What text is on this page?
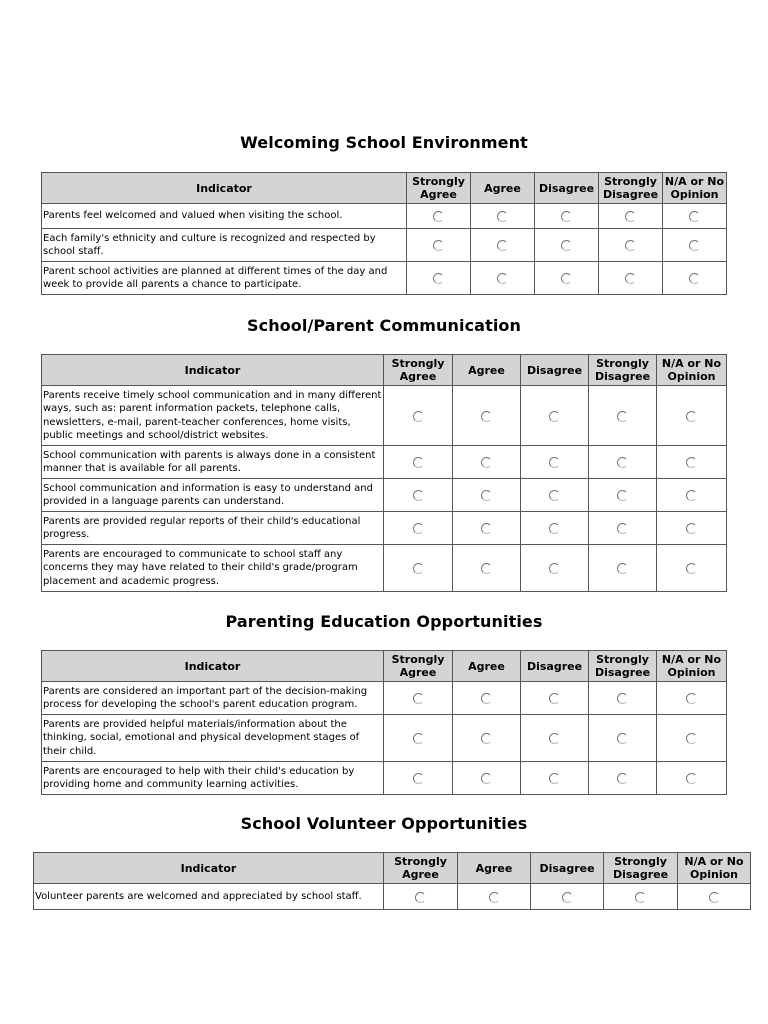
Welcoming School Environment
Indicator	Strongly Agree	Agree	Disagree	Strongly Disagree	N/A or No Opinion
Parents feel welcomed and valued when visiting the school.					
Each family's ethnicity and culture is recognized and respected by school staff.					
Parent school activities are planned at different times of the day and week to provide all parents a chance to participate.					
School/Parent Communication
Indicator	Strongly Agree	Agree	Disagree	Strongly Disagree	N/A or No Opinion
Parents receive timely school communication and in many different ways, such as: parent information packets, telephone calls, newsletters, e-mail, parent-teacher conferences, home visits, public meetings and school/district websites.					
School communication with parents is always done in a consistent manner that is available for all parents.					
School communication and information is easy to understand and provided in a language parents can understand.					
Parents are provided regular reports of their child's educational progress.					
Parents are encouraged to communicate to school staff any concerns they may have related to their child's grade/program placement and academic progress.					
Parenting Education Opportunities
Indicator	Strongly Agree	Agree	Disagree	Strongly Disagree	N/A or No Opinion
Parents are considered an important part of the decision-making process for developing the school's parent education program.					
Parents are provided helpful materials/information about the thinking, social, emotional and physical development stages of their child.					
Parents are encouraged to help with their child's education by providing home and community learning activities.					
School Volunteer Opportunities
Indicator	Strongly Agree	Agree	Disagree	Strongly Disagree	N/A or No Opinion
Volunteer parents are welcomed and appreciated by school staff.					
